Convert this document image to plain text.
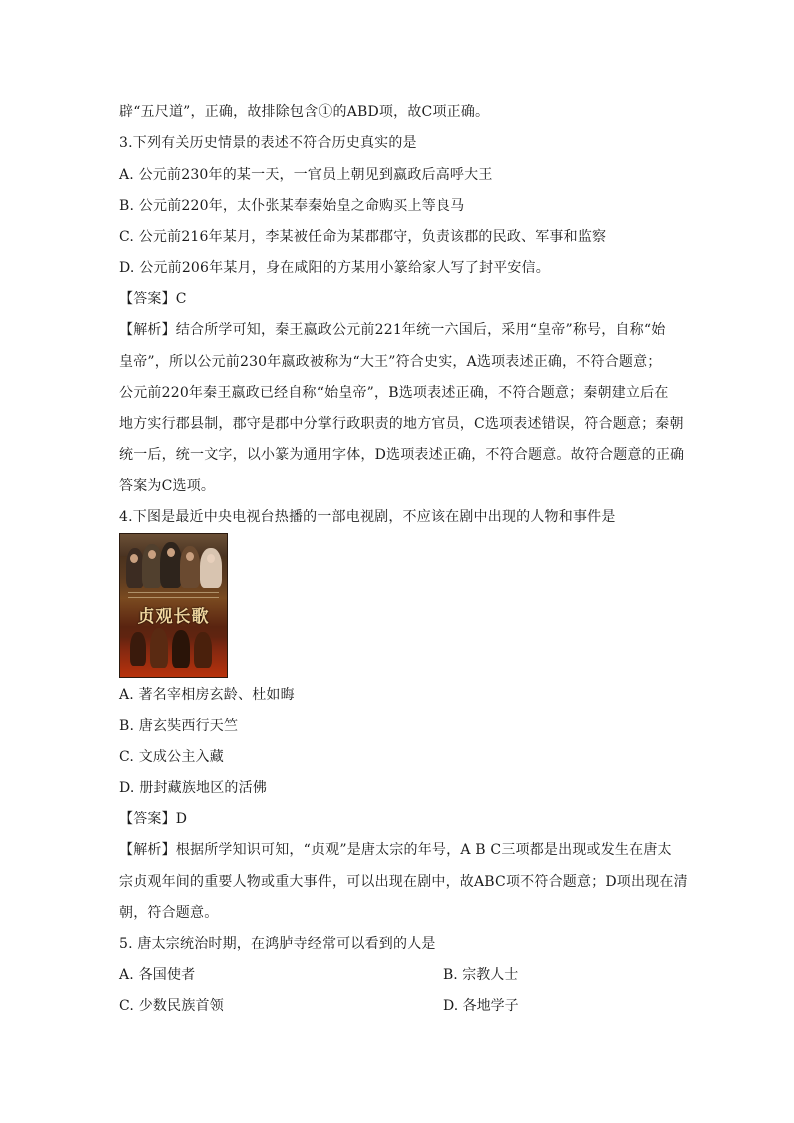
辟“五尺道”，正确，故排除包含①的ABD项，故C项正确。
3.下列有关历史情景的表述不符合历史真实的是
A. 公元前230年的某一天，一官员上朝见到嬴政后高呼大王
B. 公元前220年，太仆张某奉秦始皇之命购买上等良马
C. 公元前216年某月，李某被任命为某郡郡守，负责该郡的民政、军事和监察
D. 公元前206年某月，身在咸阳的方某用小篆给家人写了封平安信。
【答案】C
【解析】结合所学可知，秦王嬴政公元前221年统一六国后，采用“皇帝”称号，自称“始
皇帝”，所以公元前230年嬴政被称为“大王”符合史实，A选项表述正确，不符合题意；
公元前220年秦王嬴政已经自称“始皇帝”，B选项表述正确，不符合题意；秦朝建立后在
地方实行郡县制，郡守是郡中分掌行政职责的地方官员，C选项表述错误，符合题意；秦朝
统一后，统一文字，以小篆为通用字体，D选项表述正确，不符合题意。故符合题意的正确
答案为C选项。
4.下图是最近中央电视台热播的一部电视剧，不应该在剧中出现的人物和事件是
贞观长歌
A. 著名宰相房玄龄、杜如晦
B. 唐玄奘西行天竺
C. 文成公主入藏
D. 册封藏族地区的活佛
【答案】D
【解析】根据所学知识可知，“贞观”是唐太宗的年号，A B C三项都是出现或发生在唐太
宗贞观年间的重要人物或重大事件，可以出现在剧中，故ABC项不符合题意；D项出现在清
朝，符合题意。
5. 唐太宗统治时期，在鸿胪寺经常可以看到的人是
A. 各国使者	B. 宗教人士
C. 少数民族首领	D. 各地学子
